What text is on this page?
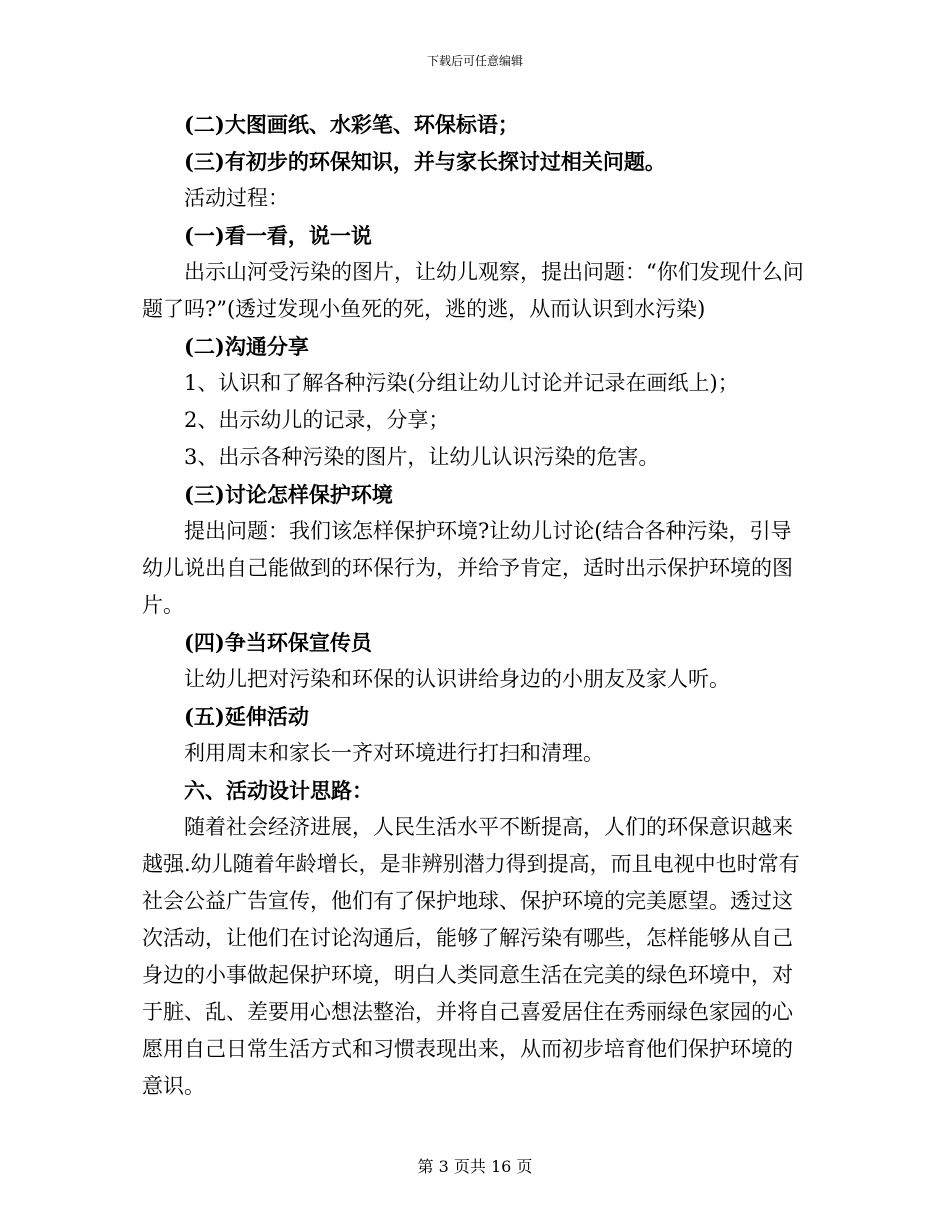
下载后可任意编辑

(二)大图画纸、水彩笔、环保标语；

(三)有初步的环保知识，并与家长探讨过相关问题。

活动过程：

(一)看一看，说一说

出示山河受污染的图片，让幼儿观察，提出问题：“你们发现什么问题了吗?”(透过发现小鱼死的死，逃的逃，从而认识到水污染)

(二)沟通分享

1、认识和了解各种污染(分组让幼儿讨论并记录在画纸上)；

2、出示幼儿的记录，分享；

3、出示各种污染的图片，让幼儿认识污染的危害。

(三)讨论怎样保护环境

提出问题：我们该怎样保护环境?让幼儿讨论(结合各种污染，引导幼儿说出自己能做到的环保行为，并给予肯定，适时出示保护环境的图片。

(四)争当环保宣传员

让幼儿把对污染和环保的认识讲给身边的小朋友及家人听。

(五)延伸活动

利用周末和家长一齐对环境进行打扫和清理。

六、活动设计思路：

随着社会经济进展，人民生活水平不断提高，人们的环保意识越来越强.幼儿随着年龄增长，是非辨别潜力得到提高，而且电视中也时常有社会公益广告宣传，他们有了保护地球、保护环境的完美愿望。透过这次活动，让他们在讨论沟通后，能够了解污染有哪些，怎样能够从自己身边的小事做起保护环境，明白人类同意生活在完美的绿色环境中，对于脏、乱、差要用心想法整治，并将自己喜爱居住在秀丽绿色家园的心愿用自己日常生活方式和习惯表现出来，从而初步培育他们保护环境的意识。

第 3 页共 16 页
